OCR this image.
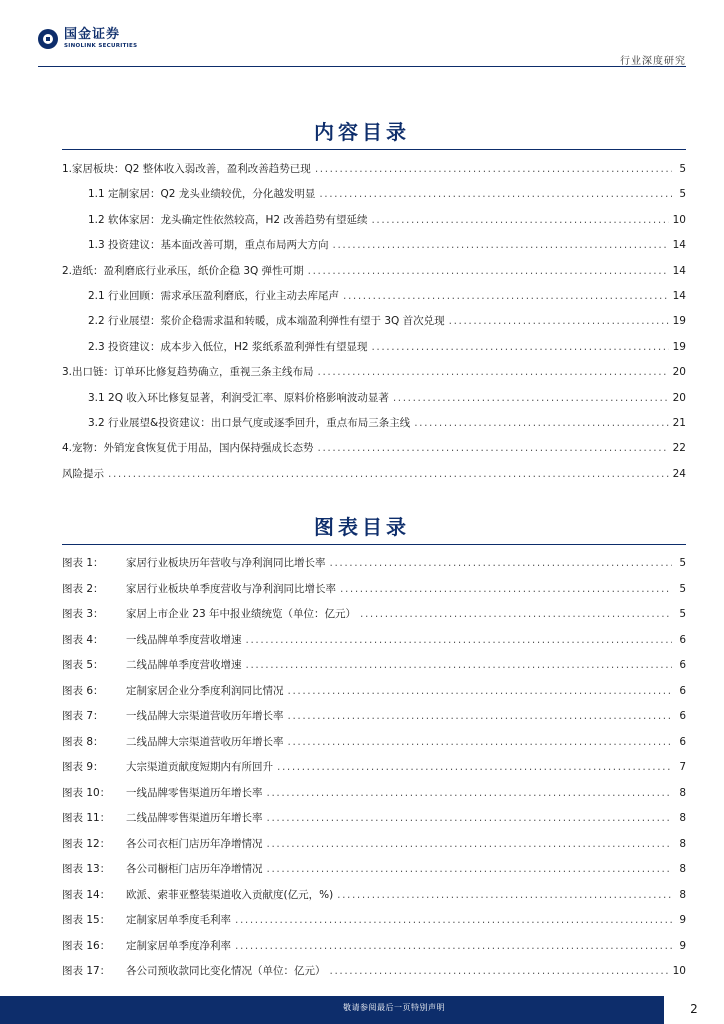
国金证券
SINOLINK SECURITIES
行业深度研究
内容目录
1.家居板块：Q2 整体收入弱改善，盈利改善趋势已现 .....	5
1.1 定制家居：Q2 龙头业绩较优，分化越发明显 .....	5
1.2 软体家居：龙头确定性依然较高，H2 改善趋势有望延续 .....	10
1.3 投资建议：基本面改善可期，重点布局两大方向 .....	14
2.造纸：盈利磨底行业承压，纸价企稳 3Q 弹性可期 .....	14
2.1 行业回顾：需求承压盈利磨底，行业主动去库尾声 .....	14
2.2 行业展望：浆价企稳需求温和转暖，成本端盈利弹性有望于 3Q 首次兑现 .....	19
2.3 投资建议：成本步入低位，H2 浆纸系盈利弹性有望显现 .....	19
3.出口链：订单环比修复趋势确立，重视三条主线布局 .....	20
3.1 2Q 收入环比修复显著，利润受汇率、原料价格影响波动显著 .....	20
3.2 行业展望&投资建议：出口景气度或逐季回升，重点布局三条主线 .....	21
4.宠物：外销宠食恢复优于用品，国内保持强成长态势 .....	22
风险提示 .....	24
图表目录
图表 1： 家居行业板块历年营收与净利润同比增长率 .....	5
图表 2： 家居行业板块单季度营收与净利润同比增长率 .....	5
图表 3： 家居上市企业 23 年中报业绩统览（单位：亿元） .....	5
图表 4： 一线品牌单季度营收增速 .....	6
图表 5： 二线品牌单季度营收增速 .....	6
图表 6： 定制家居企业分季度利润同比情况 .....	6
图表 7： 一线品牌大宗渠道营收历年增长率 .....	6
图表 8： 二线品牌大宗渠道营收历年增长率 .....	6
图表 9： 大宗渠道贡献度短期内有所回升 .....	7
图表 10： 一线品牌零售渠道历年增长率 .....	8
图表 11： 二线品牌零售渠道历年增长率 .....	8
图表 12： 各公司衣柜门店历年净增情况 .....	8
图表 13： 各公司橱柜门店历年净增情况 .....	8
图表 14： 欧派、索菲亚整装渠道收入贡献度(亿元，%) .....	8
图表 15： 定制家居单季度毛利率 .....	9
图表 16： 定制家居单季度净利率 .....	9
图表 17： 各公司预收款同比变化情况（单位：亿元） .....	10
敬请参阅最后一页特别声明	2
